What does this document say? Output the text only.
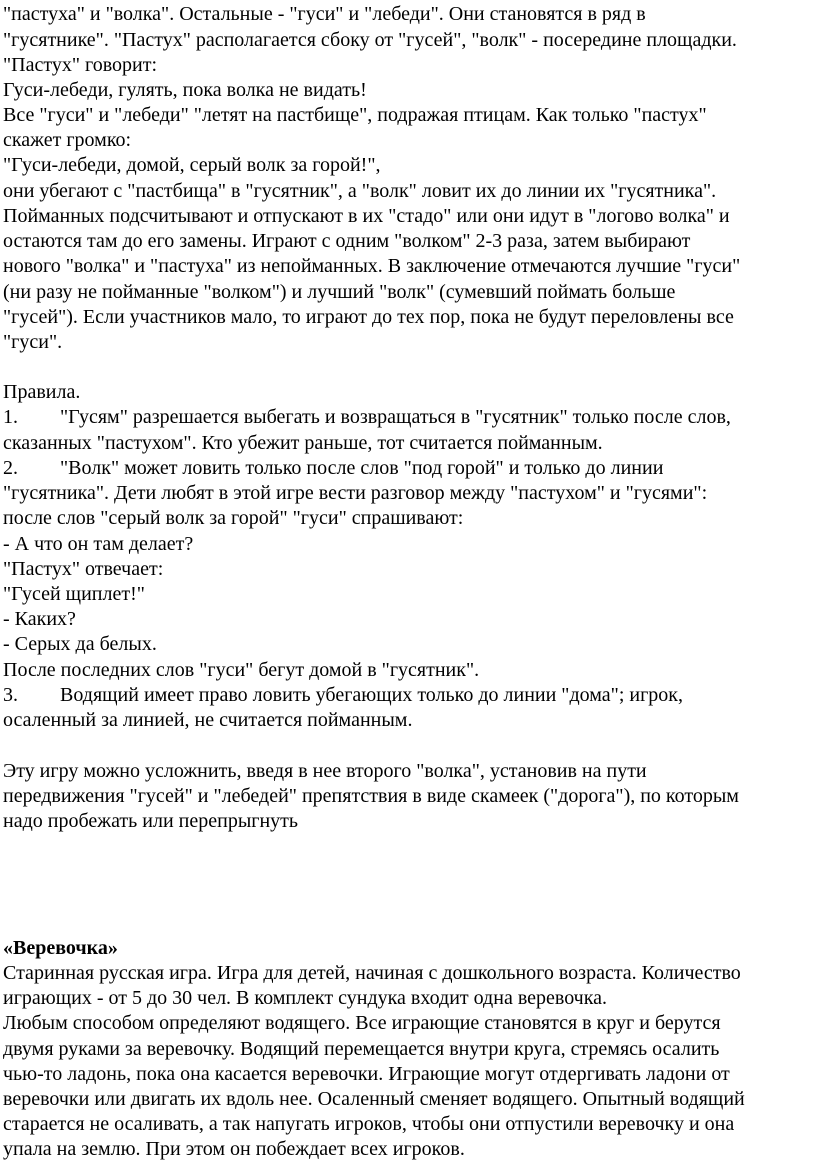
"пастуха" и "волка". Остальные - "гуси" и "лебеди". Они становятся в ряд в
"гусятнике". "Пастух" располагается сбоку от "гусей", "волк" - посередине площадки.
"Пастух" говорит:
Гуси-лебеди, гулять, пока волка не видать!
Все "гуси" и "лебеди" "летят на пастбище", подражая птицам. Как только "пастух"
скажет громко:
"Гуси-лебеди, домой, серый волк за горой!",
они убегают с "пастбища" в "гусятник", а "волк" ловит их до линии их "гусятника".
Пойманных подсчитывают и отпускают в их "стадо" или они идут в "логово волка" и
остаются там до его замены. Играют с одним "волком" 2-3 раза, затем выбирают
нового "волка" и "пастуха" из непойманных. В заключение отмечаются лучшие "гуси"
(ни разу не пойманные "волком") и лучший "волк" (сумевший поймать больше
"гусей"). Если участников мало, то играют до тех пор, пока не будут переловлены все
"гуси".
Правила.
1. "Гусям" разрешается выбегать и возвращаться в "гусятник" только после слов,
сказанных "пастухом". Кто убежит раньше, тот считается пойманным.
2. "Волк" может ловить только после слов "под горой" и только до линии
"гусятника". Дети любят в этой игре вести разговор между "пастухом" и "гусями":
после слов "серый волк за горой" "гуси" спрашивают:
- А что он там делает?
"Пастух" отвечает:
"Гусей щиплет!"
- Каких?
- Серых да белых.
После последних слов "гуси" бегут домой в "гусятник".
3. Водящий имеет право ловить убегающих только до линии "дома"; игрок,
осаленный за линией, не считается пойманным.
Эту игру можно усложнить, введя в нее второго "волка", установив на пути
передвижения "гусей" и "лебедей" препятствия в виде скамеек ("дорога"), по которым
надо пробежать или перепрыгнуть
«Веревочка»
Старинная русская игра. Игра для детей, начиная с дошкольного возраста. Количество
играющих - от 5 до 30 чел. В комплект сундука входит одна веревочка.
Любым способом определяют водящего. Все играющие становятся в круг и берутся
двумя руками за веревочку. Водящий перемещается внутри круга, стремясь осалить
чью-то ладонь, пока она касается веревочки. Играющие могут отдергивать ладони от
веревочки или двигать их вдоль нее. Осаленный сменяет водящего. Опытный водящий
старается не осаливать, а так напугать игроков, чтобы они отпустили веревочку и она
упала на землю. При этом он побеждает всех игроков.
